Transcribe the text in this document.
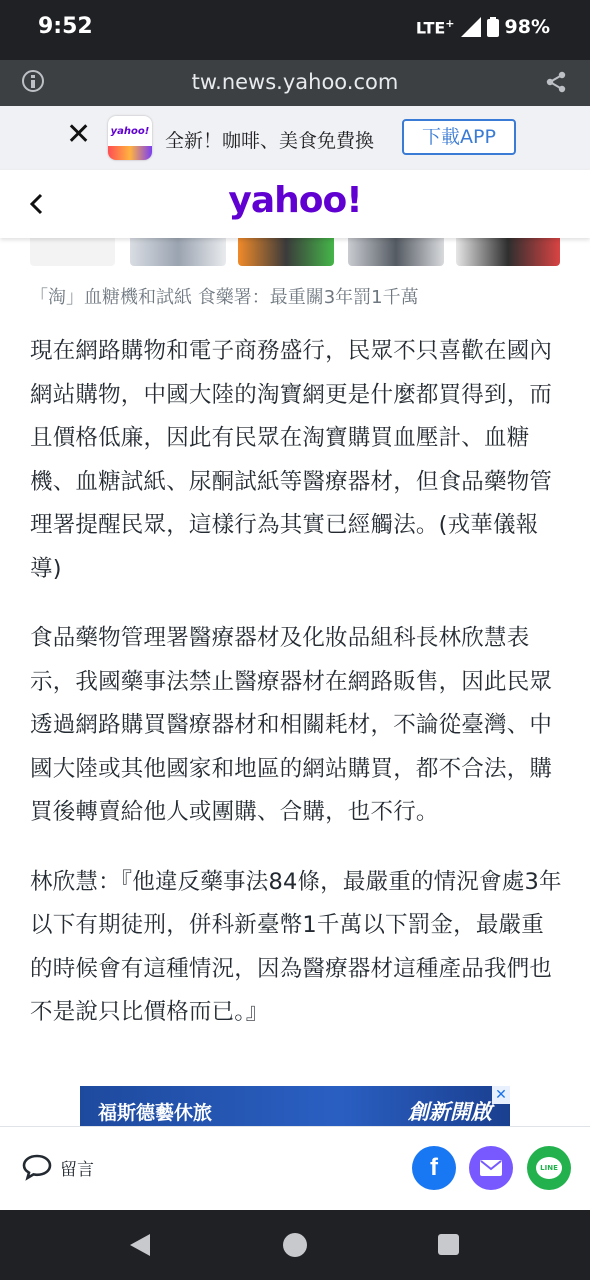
9:52	LTE+	98%
tw.news.yahoo.com
✕ yahoo! 全新！咖啡、美食免費換	下載APP
yahoo!
「淘」血糖機和試紙 食藥署：最重關3年罰1千萬

現在網路購物和電子商務盛行，民眾不只喜歡在國內網站購物，中國大陸的淘寶網更是什麼都買得到，而且價格低廉，因此有民眾在淘寶購買血壓計、血糖機、血糖試紙、尿酮試紙等醫療器材，但食品藥物管理署提醒民眾，這樣行為其實已經觸法。(戎華儀報導)

食品藥物管理署醫療器材及化妝品組科長林欣慧表示，我國藥事法禁止醫療器材在網路販售，因此民眾透過網路購買醫療器材和相關耗材，不論從臺灣、中國大陸或其他國家和地區的網站購買，都不合法，購買後轉賣給他人或團購、合購，也不行。

林欣慧：『他違反藥事法84條，最嚴重的情況會處3年以下有期徒刑，併科新臺幣1千萬以下罰金，最嚴重的時候會有這種情況，因為醫療器材這種產品我們也不是說只比價格而已。』

福斯德藝休旅	創新開啟
✕
留言	f	LINE
